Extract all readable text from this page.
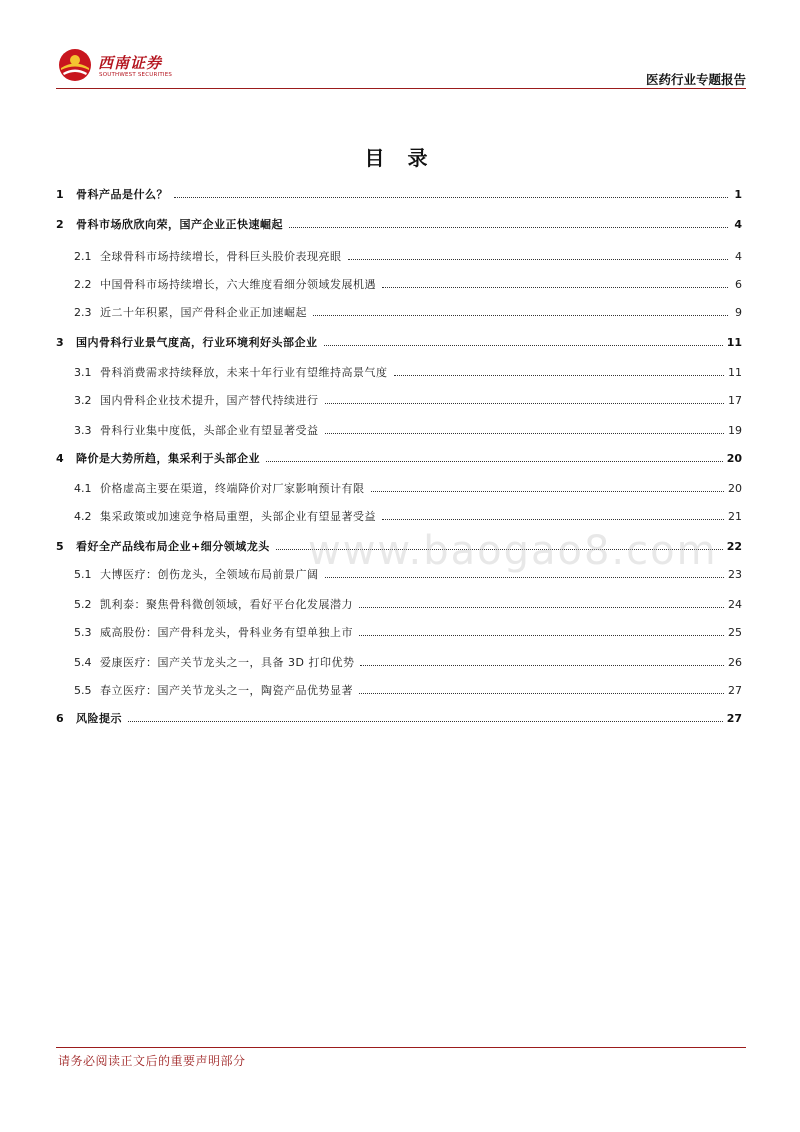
西南证券
SOUTHWEST SECURITIES	医药行业专题报告
目 录
1	骨科产品是什么？	1
2	骨科市场欣欣向荣，国产企业正快速崛起	4
2.1 全球骨科市场持续增长，骨科巨头股价表现亮眼	4
2.2 中国骨科市场持续增长，六大维度看细分领域发展机遇	6
2.3 近二十年积累，国产骨科企业正加速崛起	9
3	国内骨科行业景气度高，行业环境利好头部企业	11
3.1 骨科消费需求持续释放，未来十年行业有望维持高景气度	11
3.2 国内骨科企业技术提升，国产替代持续进行	17
3.3 骨科行业集中度低，头部企业有望显著受益	19
4	降价是大势所趋，集采利于头部企业	20
4.1 价格虚高主要在渠道，终端降价对厂家影响预计有限	20
4.2 集采政策或加速竞争格局重塑，头部企业有望显著受益	21
5	看好全产品线布局企业+细分领域龙头	22
5.1 大博医疗：创伤龙头，全领域布局前景广阔	23
5.2 凯利泰：聚焦骨科微创领域，看好平台化发展潜力	24
5.3 威高股份：国产骨科龙头，骨科业务有望单独上市	25
5.4 爱康医疗：国产关节龙头之一，具备 3D 打印优势	26
5.5 春立医疗：国产关节龙头之一，陶瓷产品优势显著	27
6	风险提示	27
www.baogao8.com
请务必阅读正文后的重要声明部分
